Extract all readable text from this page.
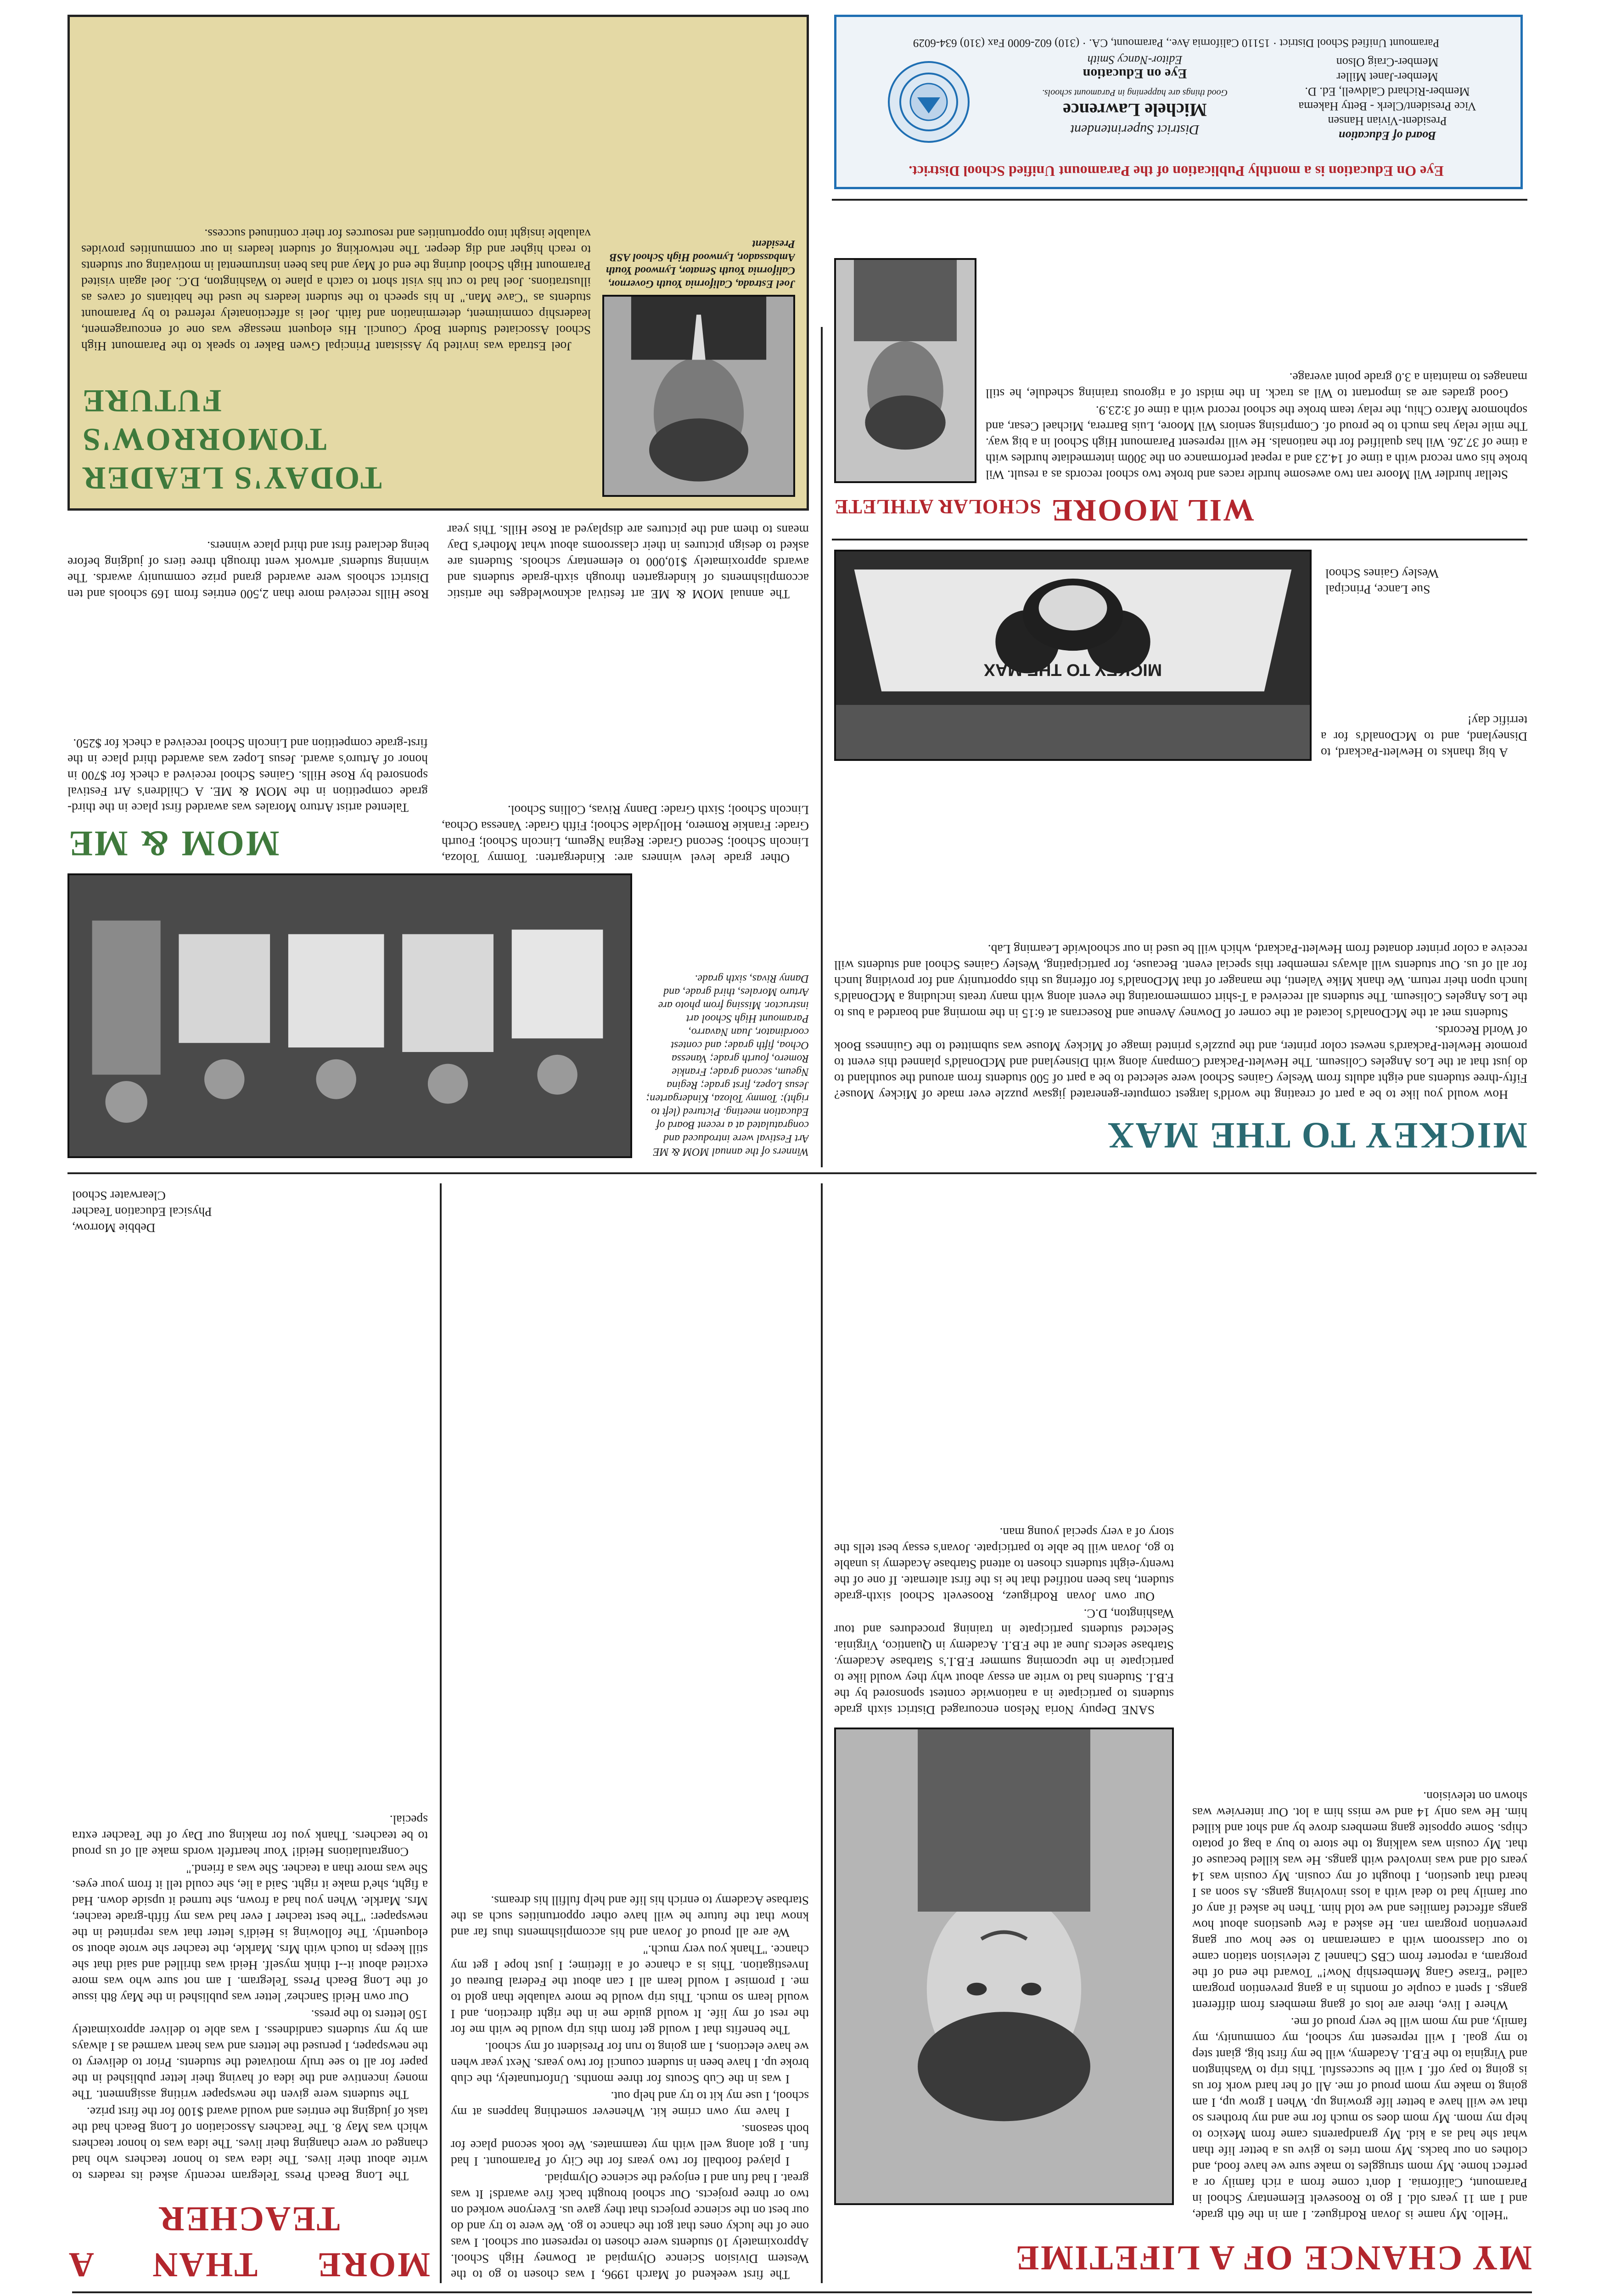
MY CHANCE OF A LIFETIME

"Hello. My name is Jovan Rodriguez. I am in the 6th grade, and I am 11 years old. I go to Roosevelt Elementary School in Paramount, California. I don't come from a rich family or a perfect home. My mom struggles to make sure we have food, and clothes on our backs. My mom tries to give us a better life than what she had as a kid. My grandparents came from Mexico to help my mom. My mom does so much for me and my brothers so that we will have a better life growing up. When I grow up, I am going to make my mom proud of me. All of her hard work for us is going to pay off. I will be successful. This trip to Washington and Virginia to the F.B.I. Academy, will be my first big, giant step to my goal. I will represent my school, my community, my family, and my mom will be very proud of me.

Where I live, there are lots of gang members from different gangs. I spent a couple of months in a gang prevention program called "Erase Gang Membership Now!" Toward the end of the program, a reporter from CBS Channel 2 television station came to our classroom with a cameraman to see how our gang prevention program ran. He asked a few questions about how gangs affected families and we told him. Then he asked if any of our family had to deal with a loss involving gangs. As soon as I heard that question, I thought of my cousin. My cousin was 14 years old and was involved with gangs. He was killed because of that. My cousin was walking to the store to buy a bag of potato chips. Some opposite gang members drove by and shot and killed him. He was only 14 and we miss him a lot. Our interview was shown on television.

SANE Deputy Noria Nelson encouraged District sixth grade students to participate in a nationwide contest sponsored by the F.B.I. Students had to write an essay about why they would like to participate in the upcoming summer F.B.I.'s Starbase Academy. Starbase selects June at the F.B.I. Academy in Quantico, Virginia. Selected students participate in training procedures and tour Washington, D.C.

Our own Jovan Rodriguez, Roosevelt School sixth-grade student, has been notified that he is the first alternate. If one of the twenty-eight students chosen to attend Starbase Academy is unable to go, Jovan will be able to participate. Jovan's essay best tells the story of a very special young man.

The first weekend of March 1996, I was chosen to go to the Western Division Science Olympiad at Downey High School. Approximately 10 students were chosen to represent our school. I was one of the lucky ones that got the chance to go. We were to try and do our best on the science projects that they gave us. Everyone worked on two or three projects. Our school brought back five awards! It was great. I had fun and I enjoyed the science Olympiad.

I played football for two years for the City of Paramount. I had fun. I got along well with my teammates. We took second place for both seasons.

I have my own crime kit. Whenever something happens at my school, I use my kit to try and help out.

I was in the Cub Scouts for three months. Unfortunately, the club broke up. I have been in student council for two years. Next year when we have elections, I am going to run for President of my school.

The benefits that I would get from this trip would be with me for the rest of my life. It would guide me in the right direction, and I would learn so much. This trip would be more valuable than gold to me. I promise I would learn all I can about the Federal Bureau of Investigation. This is a chance of a lifetime; I just hope I get my chance. "Thank you very much."

We are all proud of Jovan and his accomplishments thus far and know that the future he will have other opportunities such as the Starbase Academy to enrich his life and help fulfill his dreams.

MORE THAN A
TEACHER

The Long Beach Press Telegram recently asked its readers to write about their lives. The idea was to honor teachers who had changed or were changing their lives. The idea was to honor teachers which was May 8. The Teachers Association of Long Beach had the task of judging the entries and would award $100 for the first prize.

The students were given the newspaper writing assignment. The money incentive and the idea of having their letter published in the paper for all to see truly motivated the students. Prior to delivery to the newspaper, I perused the letters and was heart warmed as I always am by my students candidness. I was able to deliver approximately 150 letters to the press.

Our own Heidi Sanchez' letter was published in the May 8th issue of the Long Beach Press Telegram. I am not sure who was more excited about it--I think myself. Heidi was thrilled and said that she still keeps in touch with Mrs. Markle, the teacher she wrote about so eloquently. The following is Heidi's letter that was reprinted in the newspaper: "The best teacher I ever had was my fifth-grade teacher, Mrs. Markle. When you had a frown, she turned it upside down. Had a fight, she'd make it right. Said a lie, she could tell it from your eyes. She was more than a teacher. She was a friend."

Congratulations Heidi! Your heartfelt words make all of us proud to be teachers. Thank you for making our Day of the Teacher extra special.

Debbie Morrow,
Physical Education Teacher
Clearwater School
MICKEY TO THE MAX

How would you like to be a part of creating the world's largest computer-generated jigsaw puzzle ever made of Mickey Mouse? Fifty-three students and eight adults from Wesley Gaines School were selected to be a part of 500 students from around the southland to do just that at the Los Angeles Coliseum. The Hewlett-Packard Company along with Disneyland and McDonald's planned this event to promote Hewlett-Packard's newest color printer, and the puzzle's printed image of Mickey Mouse was submitted to the Guinness Book of World Records.

Students met at the McDonald's located at the corner of Downey Avenue and Rosecrans at 6:15 in the morning and boarded a bus to the Los Angeles Coliseum. The students all received a T-shirt commemorating the event along with many treats including a McDonald's lunch upon their return. We thank Mike Valenti, the manager of that McDonald's for offering us this opportunity and for providing lunch for all of us. Our students will always remember this special event. Because, for participating, Wesley Gaines School and students will receive a color printer donated from Hewlett-Packard, which will be used in our schoolwide Learning Lab.

A big thanks to Hewlett-Packard, to Disneyland, and to McDonald's for a terrific day!

Sue Lance, Principal
Wesley Gaines School
MICKEY TO THE MAX
WIL MOORE SCHOLAR ATHLETE

Stellar hurdler Wil Moore ran two awesome hurdle races and broke two school records as a result. Wil broke his own record with a time of 14.23 and a repeat performance on the 300m intermediate hurdles with a time of 37.26. Wil has qualified for the nationals. He will represent Paramount High School in a big way. The mile relay has much to be proud of. Comprising seniors Wil Moore, Luis Barrera, Michael Cesar, and sophomore Marco Chiu, the relay team broke the school record with a time of 3:23.9.

Good grades are as important to Wil as track. In the midst of a rigorous training schedule, he still manages to maintain a 3.0 grade point average.

Eye On Education is a monthly Publication of the Paramount Unified School District.
District Superintendent
Michele Lawrence
Good things are happening in Paramount schools.
Board of Education
President-Vivian Hansen
Vice President/Clerk - Betty Hakema
Member-Richard Caldwell, Ed. D.
Member-Janet Miller
Member-Craig Olson
Eye on Education
Editor-Nancy Smith
Paramount Unified School District · 15110 California Ave., Paramount, CA. · (310) 602-6000 Fax (310) 634-6029
Winners of the annual MOM & ME Art Festival were introduced and congratulated at a recent Board of Education meeting. Pictured (left to right): Tommy Toloza, Kindergarten; Jesus Lopez, first grade; Regina Ngeum, second grade; Frankie Romero, fourth grade; Vanessa Ochoa, fifth grade; and contest coordinator, Juan Navarro, Paramount High School art instructor. Missing from photo are Arturo Morales, third grade, and Danny Rivas, sixth grade.
MOM & ME	Other grade level winners are: Kindergarten: Tommy Toloza, Lincoln School; Second Grade: Regina Ngeum, Lincoln School; Fourth Grade: Frankie Romero, Hollydale School; Fifth Grade: Vanessa Ochoa, Lincoln School; Sixth Grade: Danny Rivas, Collins School.

Talented artist Arturo Morales was awarded first place in the third-grade competition in the MOM & ME. A Children's Art Festival sponsored by Rose Hills. Gaines School received a check for $700 in honor of Arturo's award. Jesus Lopez was awarded third place in the first-grade competition and Lincoln School received a check for $250.

The annual MOM & ME art festival acknowledges the artistic accomplishments of kindergarten through sixth-grade students and awards approximately $10,000 to elementary schools. Students are asked to design pictures in their classrooms about what Mother's Day means to them and the pictures are displayed at Rose Hills. This year Rose Hills received more than 2,500 entries from 169 schools and ten District schools were awarded grand prize community awards. The winning students' artwork went through three tiers of judging before being declared first and third place winners.

TODAY'S LEADER
TOMORROW'S
FUTURE
Joel Estrada, California Youth Governor, California Youth Senator, Lynwood Youth Ambassador, Lynwood High School ASB President

Joel Estrada was invited by Assistant Principal Gwen Baker to speak to the Paramount High School Associated Student Body Council. His eloquent message was one of encouragement, leadership commitment, determination and faith. Joel is affectionately referred to by Paramount students as "Cave Man." In his speech to the student leaders he used the habitants of caves as illustrations. Joel had to cut his visit short to catch a plane to Washington, D.C. Joel again visited Paramount High School during the end of May and has been instrumental in motivating our students to reach higher and dig deeper. The networking of student leaders in our communities provides valuable insight into opportunities and resources for their continued success.
